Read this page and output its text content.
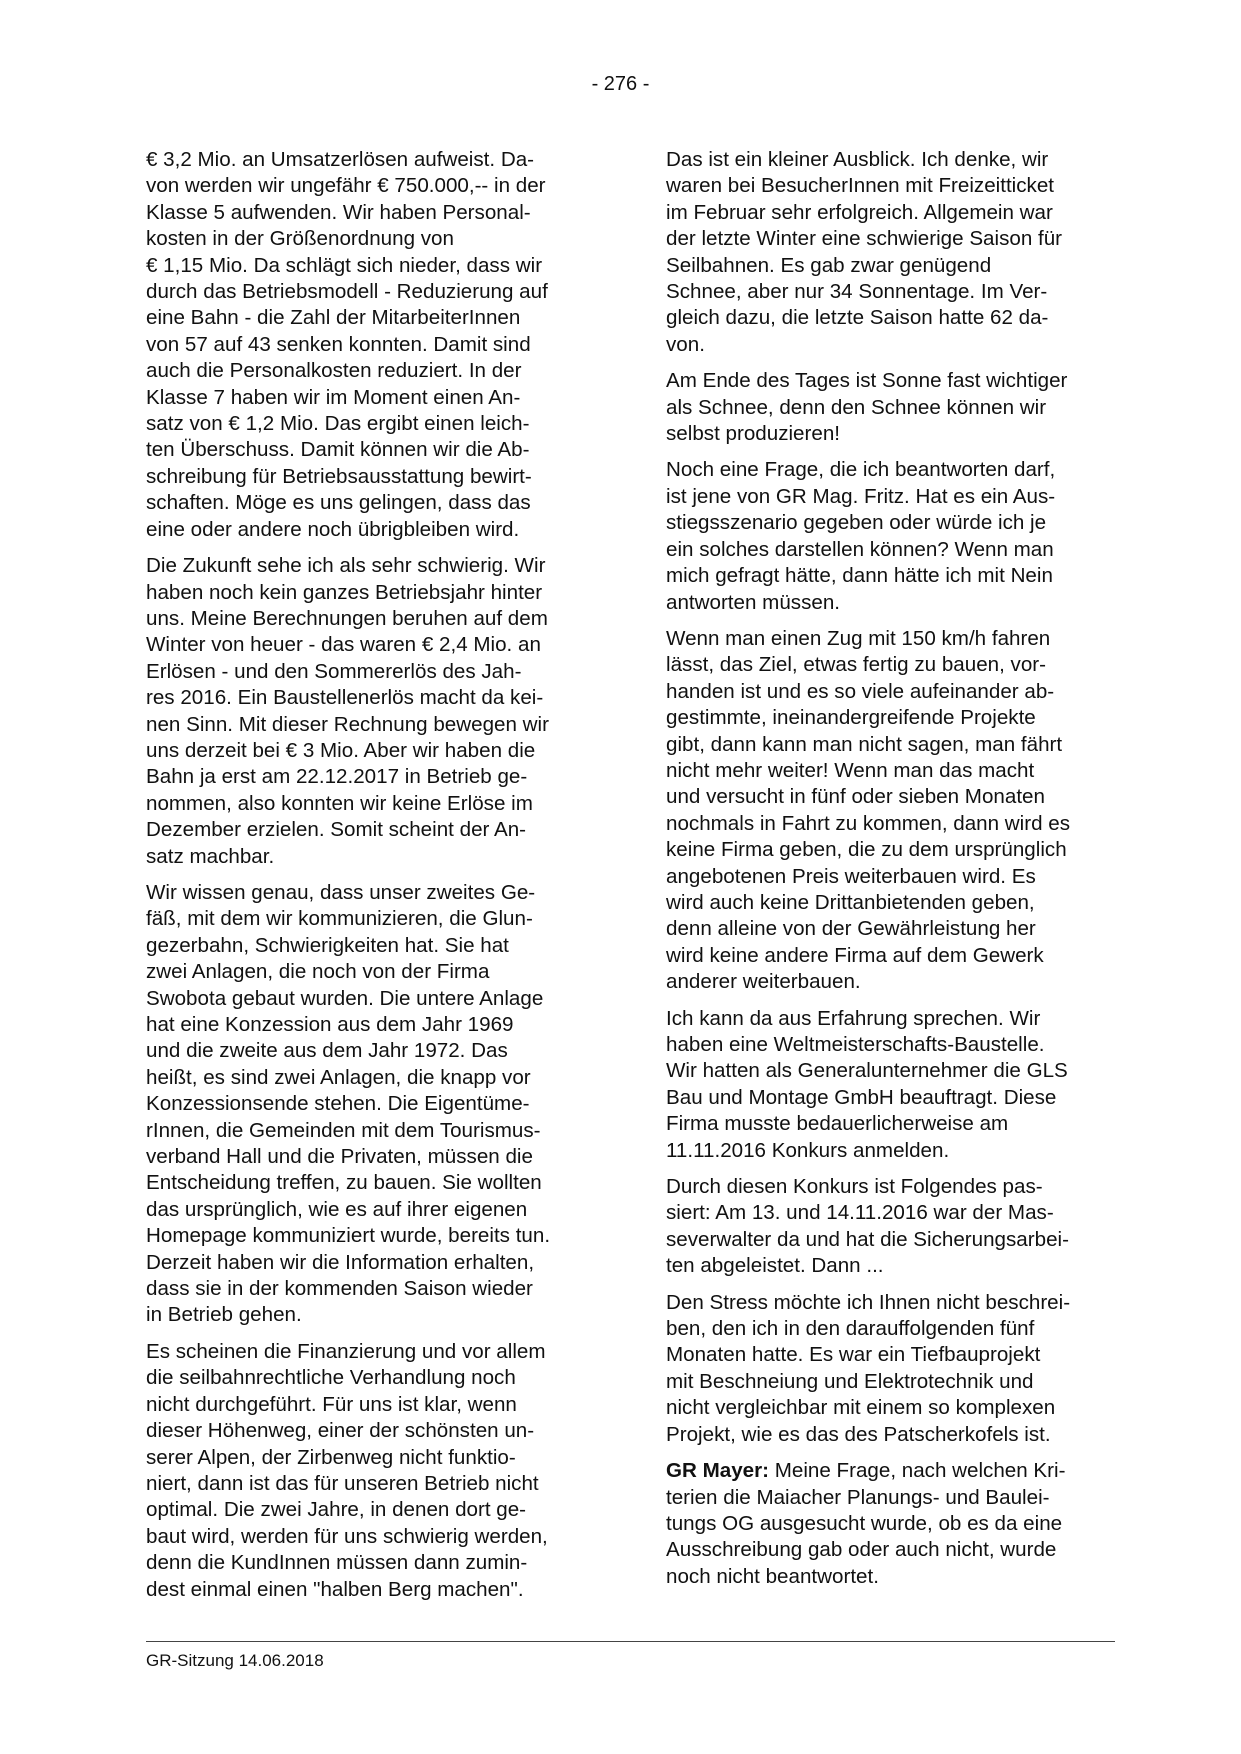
- 276 -

€ 3,2 Mio. an Umsatzerlösen aufweist. Da-
von werden wir ungefähr € 750.000,-- in der
Klasse 5 aufwenden. Wir haben Personal-
kosten in der Größenordnung von
€ 1,15 Mio. Da schlägt sich nieder, dass wir
durch das Betriebsmodell - Reduzierung auf
eine Bahn - die Zahl der MitarbeiterInnen
von 57 auf 43 senken konnten. Damit sind
auch die Personalkosten reduziert. In der
Klasse 7 haben wir im Moment einen An-
satz von € 1,2 Mio. Das ergibt einen leich-
ten Überschuss. Damit können wir die Ab-
schreibung für Betriebsausstattung bewirt-
schaften. Möge es uns gelingen, dass das
eine oder andere noch übrigbleiben wird.

Die Zukunft sehe ich als sehr schwierig. Wir
haben noch kein ganzes Betriebsjahr hinter
uns. Meine Berechnungen beruhen auf dem
Winter von heuer - das waren € 2,4 Mio. an
Erlösen - und den Sommererlös des Jah-
res 2016. Ein Baustellenerlös macht da kei-
nen Sinn. Mit dieser Rechnung bewegen wir
uns derzeit bei € 3 Mio. Aber wir haben die
Bahn ja erst am 22.12.2017 in Betrieb ge-
nommen, also konnten wir keine Erlöse im
Dezember erzielen. Somit scheint der An-
satz machbar.

Wir wissen genau, dass unser zweites Ge-
fäß, mit dem wir kommunizieren, die Glun-
gezerbahn, Schwierigkeiten hat. Sie hat
zwei Anlagen, die noch von der Firma
Swobota gebaut wurden. Die untere Anlage
hat eine Konzession aus dem Jahr 1969
und die zweite aus dem Jahr 1972. Das
heißt, es sind zwei Anlagen, die knapp vor
Konzessionsende stehen. Die Eigentüme-
rInnen, die Gemeinden mit dem Tourismus-
verband Hall und die Privaten, müssen die
Entscheidung treffen, zu bauen. Sie wollten
das ursprünglich, wie es auf ihrer eigenen
Homepage kommuniziert wurde, bereits tun.
Derzeit haben wir die Information erhalten,
dass sie in der kommenden Saison wieder
in Betrieb gehen.

Es scheinen die Finanzierung und vor allem
die seilbahnrechtliche Verhandlung noch
nicht durchgeführt. Für uns ist klar, wenn
dieser Höhenweg, einer der schönsten un-
serer Alpen, der Zirbenweg nicht funktio-
niert, dann ist das für unseren Betrieb nicht
optimal. Die zwei Jahre, in denen dort ge-
baut wird, werden für uns schwierig werden,
denn die KundInnen müssen dann zumin-
dest einmal einen "halben Berg machen".

Das ist ein kleiner Ausblick. Ich denke, wir
waren bei BesucherInnen mit Freizeitticket
im Februar sehr erfolgreich. Allgemein war
der letzte Winter eine schwierige Saison für
Seilbahnen. Es gab zwar genügend
Schnee, aber nur 34 Sonnentage. Im Ver-
gleich dazu, die letzte Saison hatte 62 da-
von.

Am Ende des Tages ist Sonne fast wichtiger
als Schnee, denn den Schnee können wir
selbst produzieren!

Noch eine Frage, die ich beantworten darf,
ist jene von GR Mag. Fritz. Hat es ein Aus-
stiegsszenario gegeben oder würde ich je
ein solches darstellen können? Wenn man
mich gefragt hätte, dann hätte ich mit Nein
antworten müssen.

Wenn man einen Zug mit 150 km/h fahren
lässt, das Ziel, etwas fertig zu bauen, vor-
handen ist und es so viele aufeinander ab-
gestimmte, ineinandergreifende Projekte
gibt, dann kann man nicht sagen, man fährt
nicht mehr weiter! Wenn man das macht
und versucht in fünf oder sieben Monaten
nochmals in Fahrt zu kommen, dann wird es
keine Firma geben, die zu dem ursprünglich
angebotenen Preis weiterbauen wird. Es
wird auch keine Drittanbietenden geben,
denn alleine von der Gewährleistung her
wird keine andere Firma auf dem Gewerk
anderer weiterbauen.

Ich kann da aus Erfahrung sprechen. Wir
haben eine Weltmeisterschafts-Baustelle.
Wir hatten als Generalunternehmer die GLS
Bau und Montage GmbH beauftragt. Diese
Firma musste bedauerlicherweise am
11.11.2016 Konkurs anmelden.

Durch diesen Konkurs ist Folgendes pas-
siert: Am 13. und 14.11.2016 war der Mas-
severwalter da und hat die Sicherungsarbei-
ten abgeleistet. Dann ...

Den Stress möchte ich Ihnen nicht beschrei-
ben, den ich in den darauffolgenden fünf
Monaten hatte. Es war ein Tiefbauprojekt
mit Beschneiung und Elektrotechnik und
nicht vergleichbar mit einem so komplexen
Projekt, wie es das des Patscherkofels ist.

GR Mayer: Meine Frage, nach welchen Kri-
terien die Maiacher Planungs- und Baulei-
tungs OG ausgesucht wurde, ob es da eine
Ausschreibung gab oder auch nicht, wurde
noch nicht beantwortet.

GR-Sitzung 14.06.2018
